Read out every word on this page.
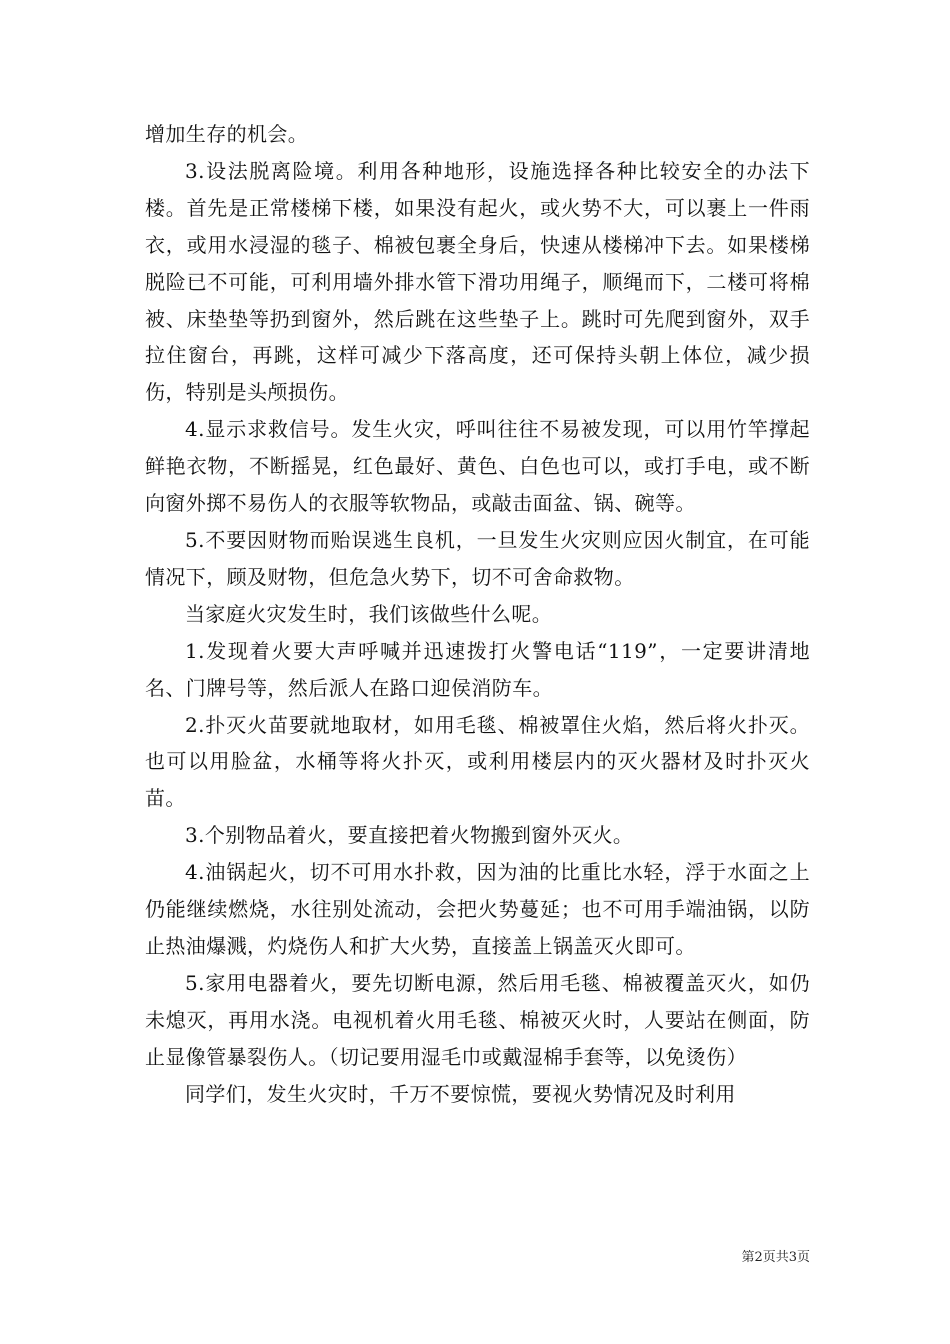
增加生存的机会。

3.设法脱离险境。利用各种地形，设施选择各种比较安全的办法下楼。首先是正常楼梯下楼，如果没有起火，或火势不大，可以裹上一件雨衣，或用水浸湿的毯子、棉被包裹全身后，快速从楼梯冲下去。如果楼梯脱险已不可能，可利用墙外排水管下滑功用绳子，顺绳而下，二楼可将棉被、床垫垫等扔到窗外，然后跳在这些垫子上。跳时可先爬到窗外，双手拉住窗台，再跳，这样可减少下落高度，还可保持头朝上体位，减少损伤，特别是头颅损伤。

4.显示求救信号。发生火灾，呼叫往往不易被发现，可以用竹竿撑起鲜艳衣物，不断摇晃，红色最好、黄色、白色也可以，或打手电，或不断向窗外掷不易伤人的衣服等软物品，或敲击面盆、锅、碗等。

5.不要因财物而贻误逃生良机，一旦发生火灾则应因火制宜，在可能情况下，顾及财物，但危急火势下，切不可舍命救物。

当家庭火灾发生时，我们该做些什么呢。

1.发现着火要大声呼喊并迅速拨打火警电话“119”，一定要讲清地名、门牌号等，然后派人在路口迎侯消防车。

2.扑灭火苗要就地取材，如用毛毯、棉被罩住火焰，然后将火扑灭。也可以用脸盆，水桶等将火扑灭，或利用楼层内的灭火器材及时扑灭火苗。

3.个别物品着火，要直接把着火物搬到窗外灭火。

4.油锅起火，切不可用水扑救，因为油的比重比水轻，浮于水面之上仍能继续燃烧，水往别处流动，会把火势蔓延；也不可用手端油锅，以防止热油爆溅，灼烧伤人和扩大火势，直接盖上锅盖灭火即可。

5.家用电器着火，要先切断电源，然后用毛毯、棉被覆盖灭火，如仍未熄灭，再用水浇。电视机着火用毛毯、棉被灭火时，人要站在侧面，防止显像管暴裂伤人。（切记要用湿毛巾或戴湿棉手套等，以免烫伤）

同学们，发生火灾时，千万不要惊慌，要视火势情况及时利用

第2页共3页
